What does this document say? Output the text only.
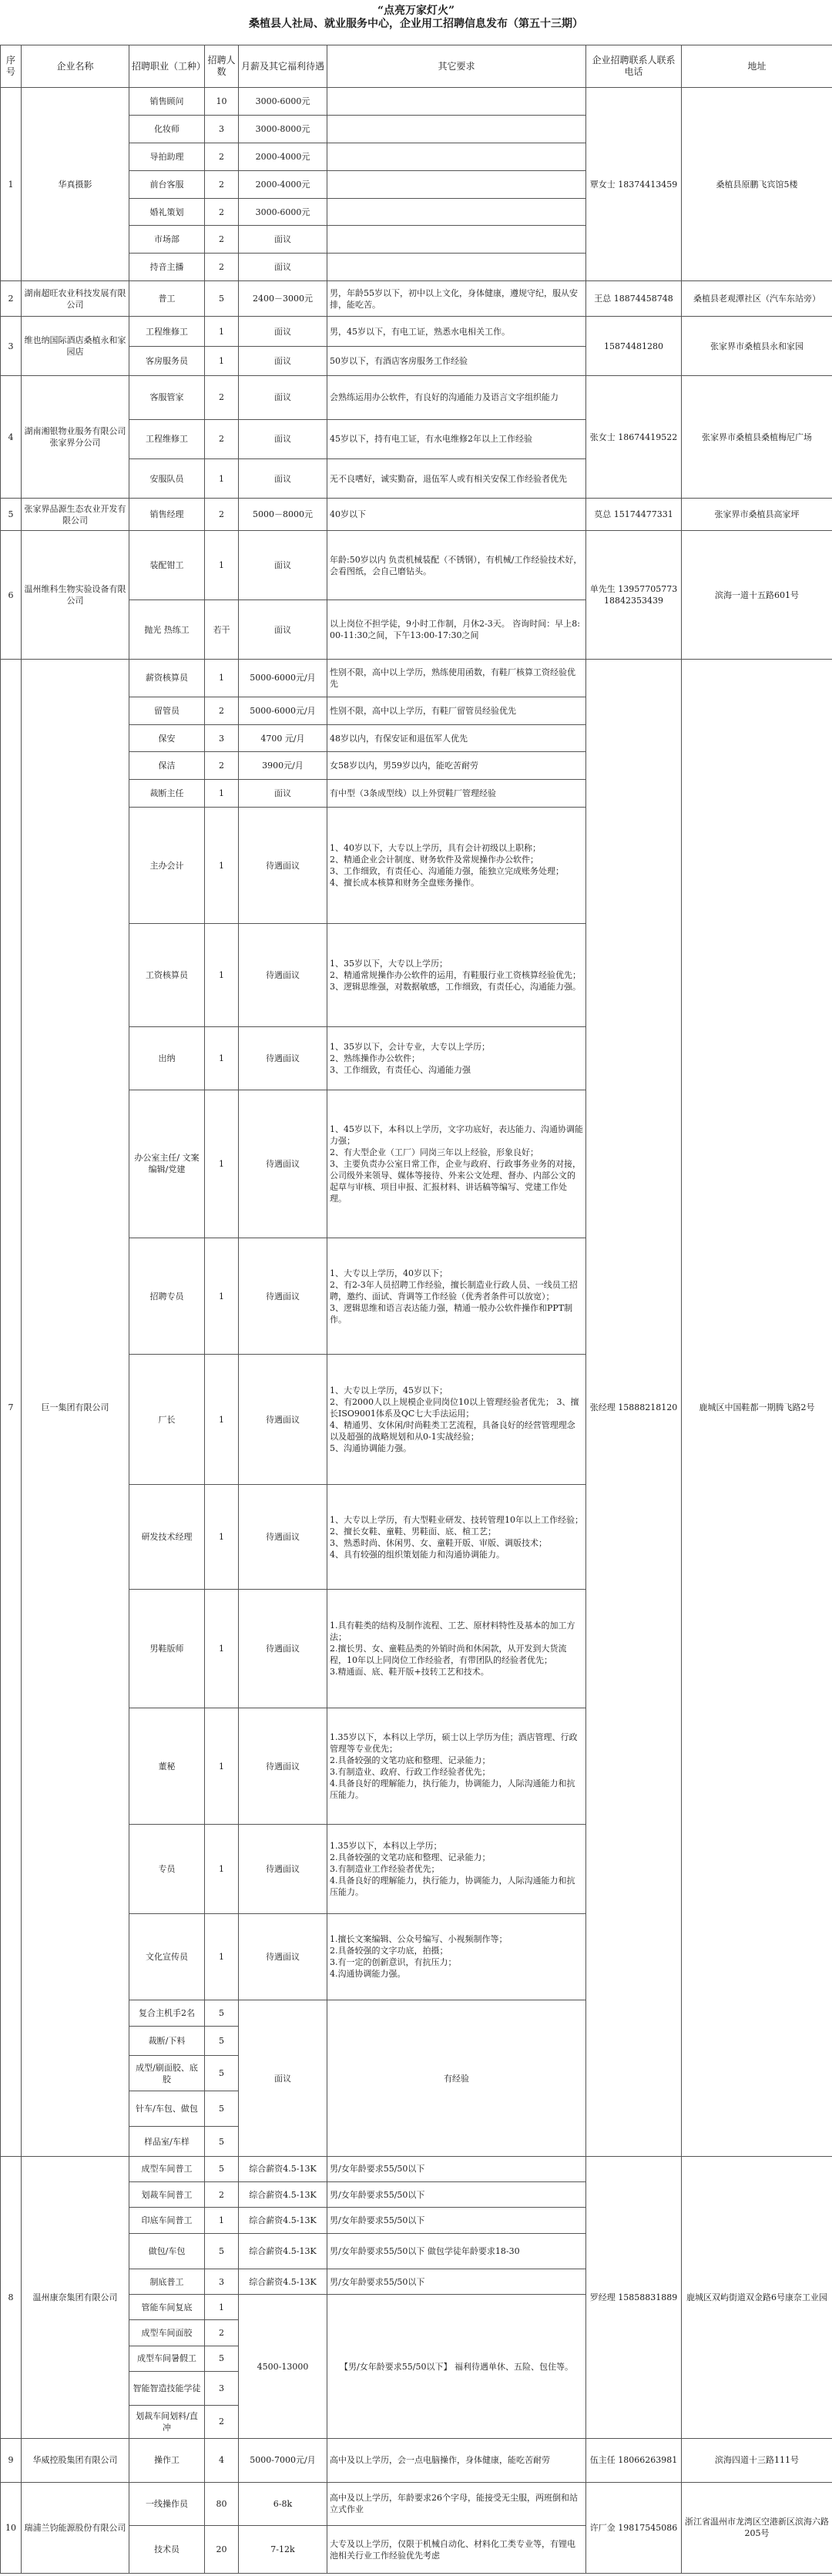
“点亮万家灯火”
桑植县人社局、就业服务中心，企业用工招聘信息发布（第五十三期）
序号	企业名称	招聘职业（工种）	招聘人数	月薪及其它福利待遇	其它要求	企业招聘联系人联系电话	地址
1	华真摄影	销售顾问	10	3000-6000元		覃女士 18374413459	桑植县原鹏飞宾馆5楼
		化妆师	3	3000-8000元			
		导拍助理	2	2000-4000元			
		前台客服	2	2000-4000元			
		婚礼策划	2	3000-6000元			
		市场部	2	面议			
		持音主播	2	面议			
2	湖南超旺农业科技发展有限公司	普工	5	2400－3000元	男，年龄55岁以下，初中以上文化，身体健康，遵规守纪，服从安排，能吃苦。	王总 18874458748	桑植县老观潭社区（汽车东站旁）
3	维也纳国际酒店桑植永和家园店	工程维修工	1	面议	男，45岁以下，有电工证，熟悉水电相关工作。	15874481280	张家界市桑植县永和家园
		客房服务员	1	面议	50岁以下，有酒店客房服务工作经验		
4	湖南湘银物业服务有限公司张家界分公司	客服管家	2	面议	会熟练运用办公软件，有良好的沟通能力及语言文字组织能力	张女士 18674419522	张家界市桑植县桑植梅尼广场
		工程维修工	2	面议	45岁以下，持有电工证，有水电维修2年以上工作经验		
		安服队员	1	面议	无不良嗜好，诚实勤奋，退伍军人或有相关安保工作经验者优先		
5	张家界品源生态农业开发有限公司	销售经理	2	5000－8000元	40岁以下	莫总 15174477331	张家界市桑植县高家坪
6	温州维科生物实验设备有限公司	装配钳工	1	面议	年龄:50岁以内 负责机械装配（不锈钢），有机械/工作经验技术好，会看图纸，会自己磨钻头。	单先生 13957705773 18842353439	滨海一道十五路601号
		抛光 热练工	若干	面议	以上岗位不担学徒，9小时工作制，月休2-3天。 咨询时间：早上8:00-11:30之间，下午13:00-17:30之间		
7	巨一集团有限公司	薪资核算员	1	5000-6000元/月	性别不限，高中以上学历，熟练使用函数，有鞋厂核算工资经验优先	张经理 15888218120	鹿城区中国鞋都一期腾飞路2号
		留管员	2	5000-6000元/月	性别不限，高中以上学历，有鞋厂留管员经验优先		
		保安	3	4700 元/月	48岁以内，有保安证和退伍军人优先		
		保洁	2	3900元/月	女58岁以内，男59岁以内，能吃苦耐劳		
		裁断主任	1	面议	有中型（3条成型线）以上外贸鞋厂管理经验		
		主办会计	1	待遇面议	1、40岁以下，大专以上学历，具有会计初级以上职称；
2、精通企业会计制度、财务软件及常规操作办公软件；
3、工作细致，有责任心、沟通能力强，能独立完成账务处理；
4、擅长成本核算和财务全盘账务操作。		
		工资核算员	1	待遇面议	1、35岁以下，大专以上学历；
2、精通常规操作办公软件的运用，有鞋服行业工资核算经验优先；
3、逻辑思维强，对数据敏感，工作细致，有责任心，沟通能力强。		
		出纳	1	待遇面议	1、35岁以下，会计专业，大专以上学历；
2、熟练操作办公软件；
3、工作细致，有责任心、沟通能力强		
		办公室主任/ 文案编辑/党建	1	待遇面议	1、45岁以下，本科以上学历，文字功底好，表达能力、沟通协调能力强；
2、有大型企业（工厂）同岗三年以上经验，形象良好；
3、主要负责办公室日常工作，企业与政府、行政事务业务的对接，公司级外来领导、媒体等接待、外来公文处理、督办、内部公文的起草与审核、项目申报、汇报材料、讲话稿等编写、党建工作处理。		
		招聘专员	1	待遇面议	1、大专以上学历，40岁以下；
2、有2-3年人员招聘工作经验，擅长制造业行政人员、一线员工招聘，邀约、面试、背调等工作经验（优秀者条件可以放宽）；
3、逻辑思维和语言表达能力强，精通一般办公软件操作和PPT制作。		
		厂长	1	待遇面议	1、大专以上学历，45岁以下；
2、有2000人以上规模企业同岗位10以上管理经验者优先； 3、擅长ISO9001体系及QC七大手法运用；
4、精通男、女休闲/时尚鞋类工艺流程，具备良好的经营管理理念以及超强的战略规划和从0-1实战经验；
5、沟通协调能力强。		
		研发技术经理	1	待遇面议	1、大专以上学历，有大型鞋业研发、技转管理10年以上工作经验；
2、擅长女鞋、童鞋、男鞋面、底、楦工艺；
3、熟悉时尚、休闲男、女、童鞋开版、审版、调版技术；
4、具有较强的组织策划能力和沟通协调能力。		
		男鞋版师	1	待遇面议	1.具有鞋类的结构及制作流程、工艺、原材料特性及基本的加工方法；
2.擅长男、女、童鞋品类的外销时尚和休闲款，从开发到大货流程，10年以上同岗位工作经验者，有带团队的经验者优先；
3.精通面、底、鞋开版+技转工艺和技术。		
		董秘	1	待遇面议	1.35岁以下，本科以上学历，硕士以上学历为佳；酒店管理、行政管理等专业优先；
2.具备较强的文笔功底和整理、记录能力；
3.有制造业、政府、行政工作经验者优先；
4.具备良好的理解能力，执行能力，协调能力，人际沟通能力和抗压能力。		
		专员	1	待遇面议	1.35岁以下，本科以上学历；
2.具备较强的文笔功底和整理、记录能力；
3.有制造业工作经验者优先；
4.具备良好的理解能力，执行能力，协调能力，人际沟通能力和抗压能力。		
		文化宣传员	1	待遇面议	1.擅长文案编辑、公众号编写、小视频制作等；
2.具备较强的文字功底，拍摄；
3.有一定的创新意识，有抗压力；
4.沟通协调能力强。		
		复合主机手2名	5	面议	有经验		
		裁断/下料	5				
		成型/刷面胶、底胶	5				
		针车/车包、做包	5				
		样品室/车样	5				
8	温州康奈集团有限公司	成型车间普工	5	综合薪资4.5-13K	男/女年龄要求55/50以下	罗经理 15858831889	鹿城区双屿街道双金路6号康奈工业园
		划裁车间普工	2	综合薪资4.5-13K	男/女年龄要求55/50以下		
		印底车间普工	1	综合薪资4.5-13K	男/女年龄要求55/50以下		
		做包/车包	5	综合薪资4.5-13K	男/女年龄要求55/50以下 做包学徒年龄要求18-30		
		制底普工	3	综合薪资4.5-13K	男/女年龄要求55/50以下		
		管能车间复底	1	4500-13000	【男/女年龄要求55/50以下】 福利待遇单休、五险、包住等。		
		成型车间面胶	2				
		成型车间暑假工	5				
		智能智造技能学徒	3				
		划裁车间划料/直冲	2				
9	华威控股集团有限公司	操作工	4	5000-7000元/月	高中及以上学历，会一点电脑操作，身体健康，能吃苦耐劳	伍主任 18066263981	滨海四道十三路111号
10	瑞浦兰钧能源股份有限公司	一线操作员	80	6-8k	高中及以上学历，年龄要求26个字母，能接受无尘服，两班倒和站立式作业	许厂金 19817545086	浙江省温州市龙湾区空港新区滨海六路205号
		技术员	20	7-12k	大专及以上学历，仅限于机械自动化、材料化工类专业等，有锂电池相关行业工作经验优先考虑		
